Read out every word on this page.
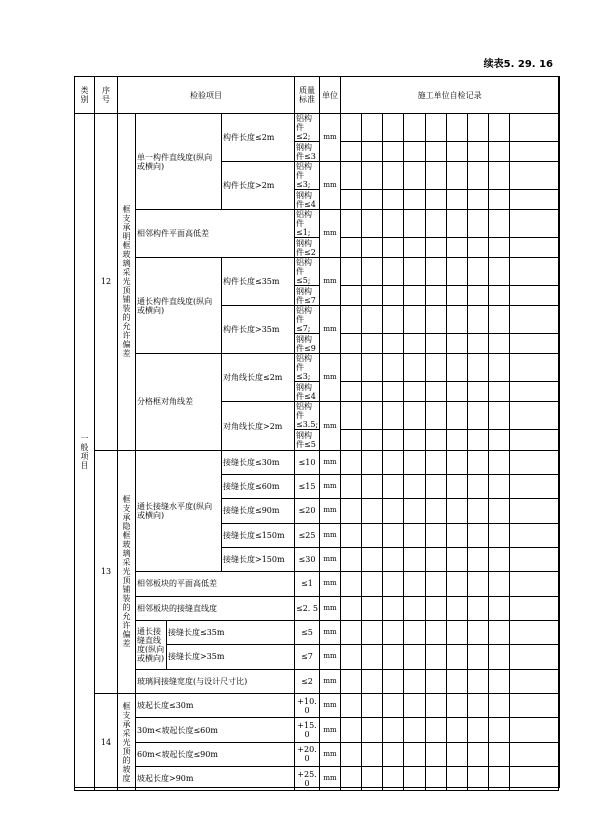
续表5. 29. 16
类别	序号	检验项目				质量标准	单位	施工单位自检记录	
一般项目	12	框支承明框玻璃采光顶铺装的允许偏差	单一构件直线度(纵向或横向)		构件长度≤2m	铝构件≤2;	mm										
						钢构件≤3											
					构件长度>2m	铝构件≤3;	mm										
						钢构件≤4											
			相邻构件平面高低差			铝构件≤1;	mm										
						钢构件≤2											
			通长构件直线度(纵向或横向)		构件长度≤35m	铝构件≤5;	mm										
						钢构件≤7											
					构件长度>35m	铝构件≤7;	mm										
						钢构件≤9											
			分格框对角线差		对角线长度≤2m	铝构件≤3;	mm										
						钢构件≤4											
					对角线长度>2m	铝构件≤3.5;	mm										
						钢构件≤5											
	13	框支承隐框玻璃采光顶铺装的允许偏差	通长接缝水平度(纵向或横向)		接缝长度≤30m	≤10	mm										
					接缝长度≤60m	≤15	mm										
					接缝长度≤90m	≤20	mm										
					接缝长度≤150m	≤25	mm										
					接缝长度>150m	≤30	mm										
			相邻板块的平面高低差			≤1	mm										
			相邻板块的接缝直线度			≤2. 5	mm										
			通长接缝直线度(纵向或横向)	接缝长度≤35m		≤5	mm										
				接缝长度>35m		≤7	mm										
			玻璃间接缝宽度(与设计尺寸比)			≤2	mm										
	14	框支承采光顶的坡度	坡起长度≤30m			+10. 0	mm										
			30m<坡起长度≤60m			+15. 0	mm										
			60m<坡起长度≤90m			+20. 0	mm										
			坡起长度>90m			+25. 0	mm										
